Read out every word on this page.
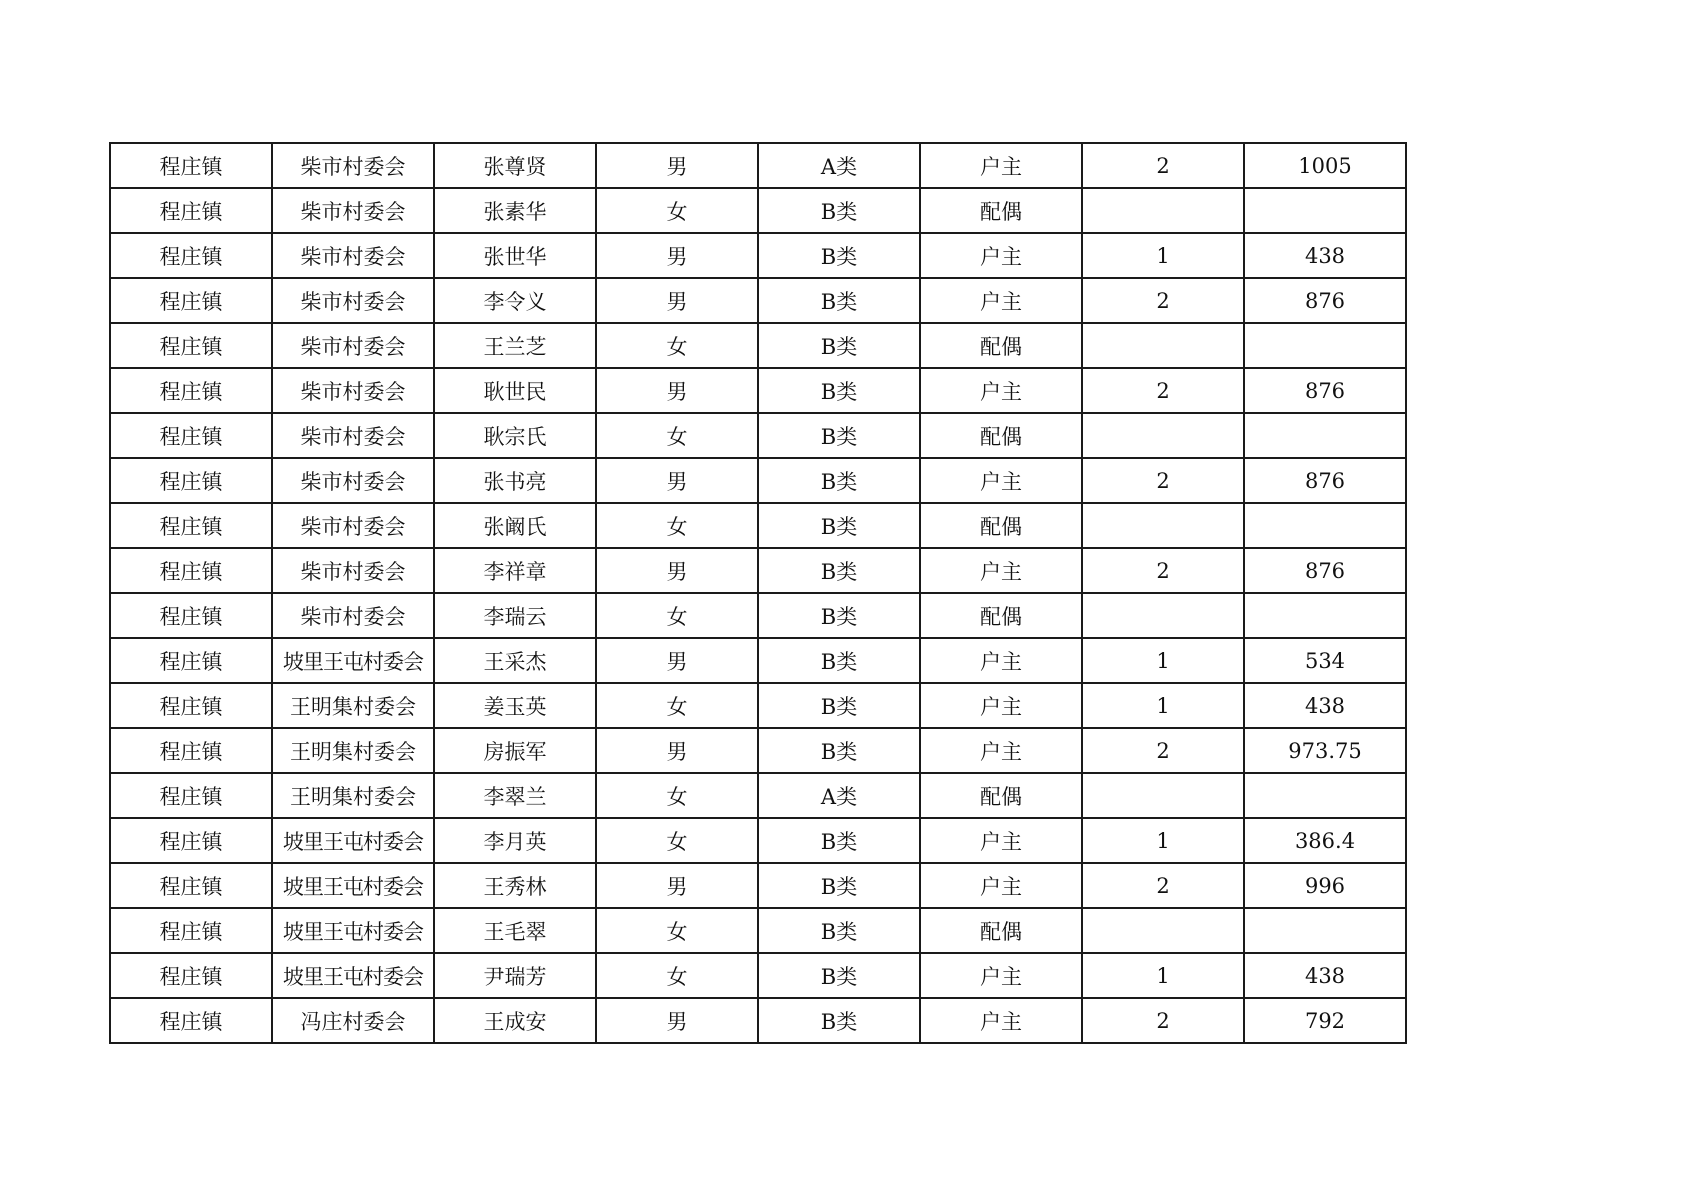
程庄镇	柴市村委会	张尊贤	男	A类	户主	2	1005
程庄镇	柴市村委会	张素华	女	B类	配偶		
程庄镇	柴市村委会	张世华	男	B类	户主	1	438
程庄镇	柴市村委会	李令义	男	B类	户主	2	876
程庄镇	柴市村委会	王兰芝	女	B类	配偶		
程庄镇	柴市村委会	耿世民	男	B类	户主	2	876
程庄镇	柴市村委会	耿宗氏	女	B类	配偶		
程庄镇	柴市村委会	张书亮	男	B类	户主	2	876
程庄镇	柴市村委会	张阚氏	女	B类	配偶		
程庄镇	柴市村委会	李祥章	男	B类	户主	2	876
程庄镇	柴市村委会	李瑞云	女	B类	配偶		
程庄镇	坡里王屯村委会	王采杰	男	B类	户主	1	534
程庄镇	王明集村委会	姜玉英	女	B类	户主	1	438
程庄镇	王明集村委会	房振军	男	B类	户主	2	973.75
程庄镇	王明集村委会	李翠兰	女	A类	配偶		
程庄镇	坡里王屯村委会	李月英	女	B类	户主	1	386.4
程庄镇	坡里王屯村委会	王秀林	男	B类	户主	2	996
程庄镇	坡里王屯村委会	王毛翠	女	B类	配偶		
程庄镇	坡里王屯村委会	尹瑞芳	女	B类	户主	1	438
程庄镇	冯庄村委会	王成安	男	B类	户主	2	792
